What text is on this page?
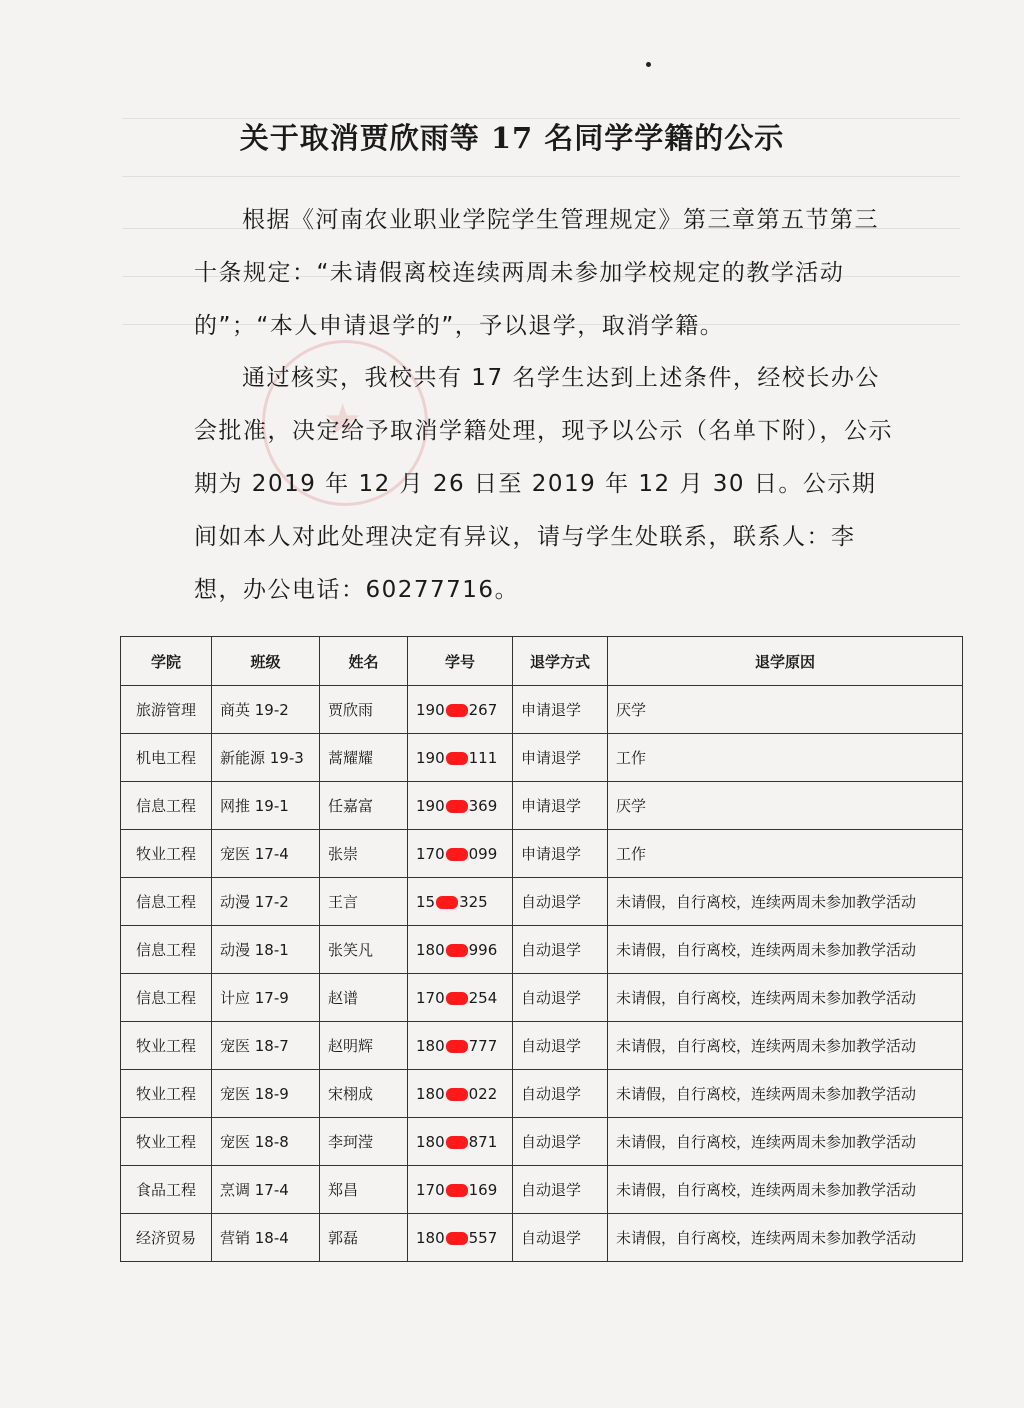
★
关于取消贾欣雨等 17 名同学学籍的公示

根据《河南农业职业学院学生管理规定》第三章第五节第三十条规定：“未请假离校连续两周未参加学校规定的教学活动的”；“本人申请退学的”，予以退学，取消学籍。

通过核实，我校共有 17 名学生达到上述条件，经校长办公会批准，决定给予取消学籍处理，现予以公示（名单下附），公示期为 2019 年 12 月 26 日至 2019 年 12 月 30 日。公示期间如本人对此处理决定有异议，请与学生处联系，联系人：李想，办公电话：60277716。

学院	班级	姓名	学号	退学方式	退学原因
旅游管理	商英 19-2	贾欣雨	190 267	申请退学	厌学
机电工程	新能源 19-3	蒿耀耀	190 111	申请退学	工作
信息工程	网推 19-1	任嘉富	190 369	申请退学	厌学
牧业工程	宠医 17-4	张崇	170 099	申请退学	工作
信息工程	动漫 17-2	王言	15 325	自动退学	未请假，自行离校，连续两周未参加教学活动
信息工程	动漫 18-1	张笑凡	180 996	自动退学	未请假，自行离校，连续两周未参加教学活动
信息工程	计应 17-9	赵谱	170 254	自动退学	未请假，自行离校，连续两周未参加教学活动
牧业工程	宠医 18-7	赵明辉	180 777	自动退学	未请假，自行离校，连续两周未参加教学活动
牧业工程	宠医 18-9	宋栩成	180 022	自动退学	未请假，自行离校，连续两周未参加教学活动
牧业工程	宠医 18-8	李珂滢	180 871	自动退学	未请假，自行离校，连续两周未参加教学活动
食品工程	烹调 17-4	郑昌	170 169	自动退学	未请假，自行离校，连续两周未参加教学活动
经济贸易	营销 18-4	郭磊	180 557	自动退学	未请假，自行离校，连续两周未参加教学活动
